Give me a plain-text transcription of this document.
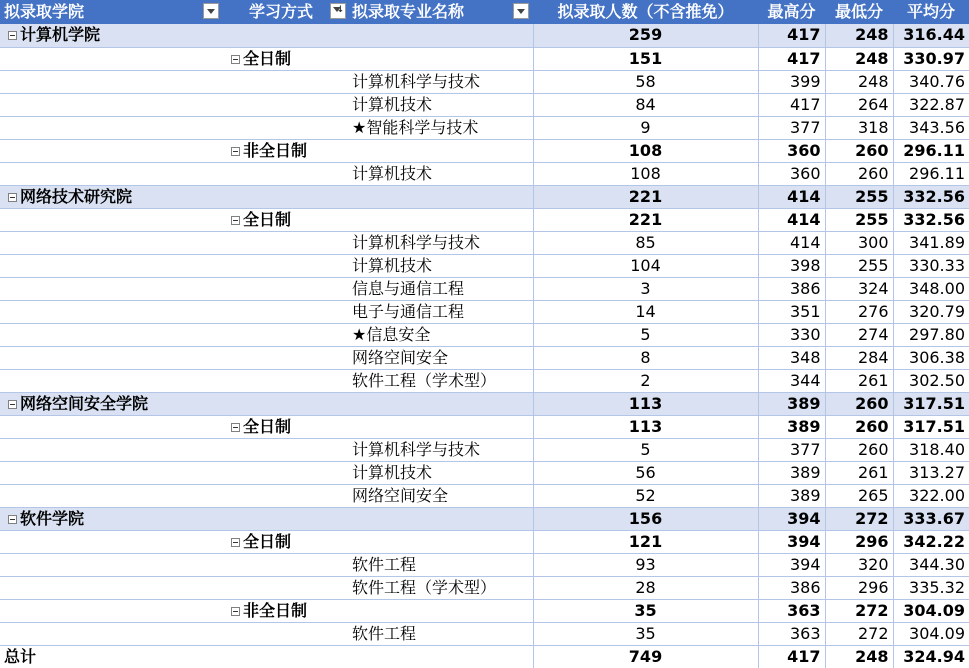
拟录取学院 学习方式 ↓ 拟录取专业名称	拟录取人数（不含推免）	最高分	最低分	平均分
计算机学院	259	417	248	316.44
全日制	151	417	248	330.97
计算机科学与技术	58	399	248	340.76
计算机技术	84	417	264	322.87
★智能科学与技术	9	377	318	343.56
非全日制	108	360	260	296.11
计算机技术	108	360	260	296.11
网络技术研究院	221	414	255	332.56
全日制	221	414	255	332.56
计算机科学与技术	85	414	300	341.89
计算机技术	104	398	255	330.33
信息与通信工程	3	386	324	348.00
电子与通信工程	14	351	276	320.79
★信息安全	5	330	274	297.80
网络空间安全	8	348	284	306.38
软件工程（学术型）	2	344	261	302.50
网络空间安全学院	113	389	260	317.51
全日制	113	389	260	317.51
计算机科学与技术	5	377	260	318.40
计算机技术	56	389	261	313.27
网络空间安全	52	389	265	322.00
软件学院	156	394	272	333.67
全日制	121	394	296	342.22
软件工程	93	394	320	344.30
软件工程（学术型）	28	386	296	335.32
非全日制	35	363	272	304.09
软件工程	35	363	272	304.09
总计	749	417	248	324.94
